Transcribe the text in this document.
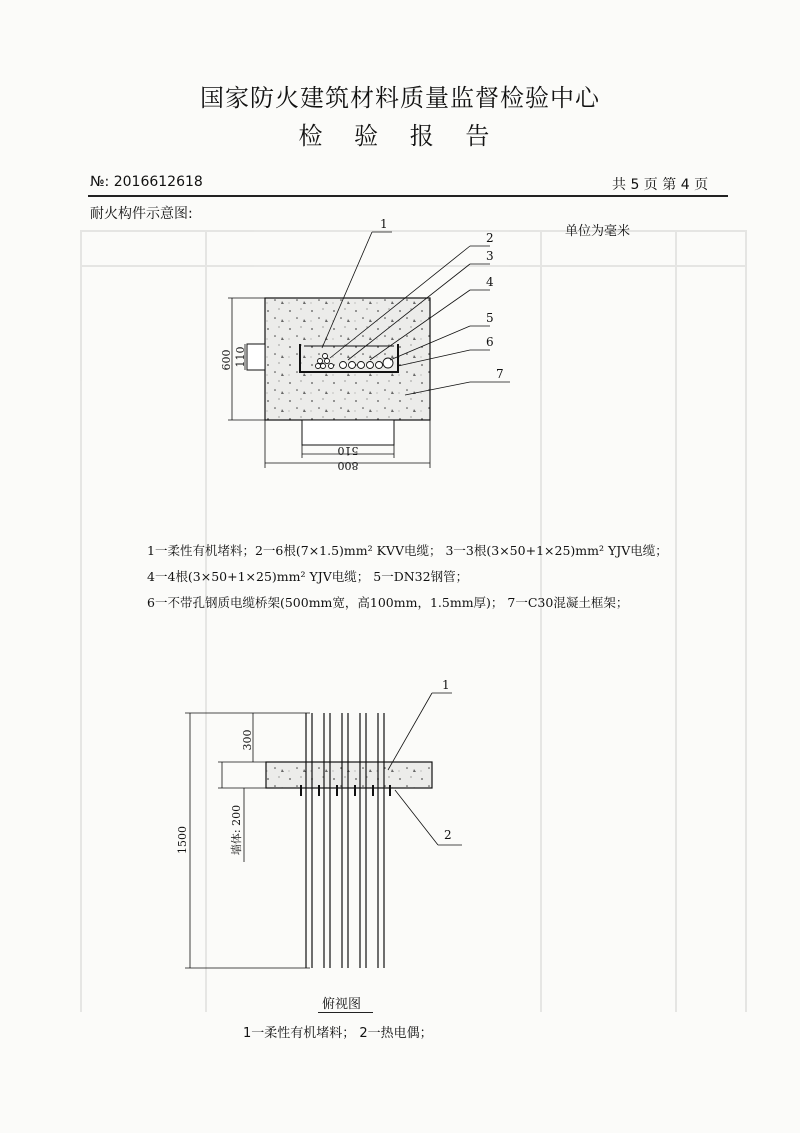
国家防火建筑材料质量监督检验中心
检 验 报 告
№: 2016612618	共 5 页 第 4 页
耐火构件示意图:
单位为毫米
600 110
510
800
1
2
3
4
5
6
7
300
墙体: 200
1500
1
2
1一柔性有机堵料；2一6根(7×1.5)mm² KVV电缆； 3一3根(3×50+1×25)mm² YJV电缆；
4一4根(3×50+1×25)mm² YJV电缆； 5一DN32钢管；
6一不带孔钢质电缆桥架(500mm宽，高100mm，1.5mm厚)； 7一C30混凝土框架；
俯视图
1一柔性有机堵料； 2一热电偶；
